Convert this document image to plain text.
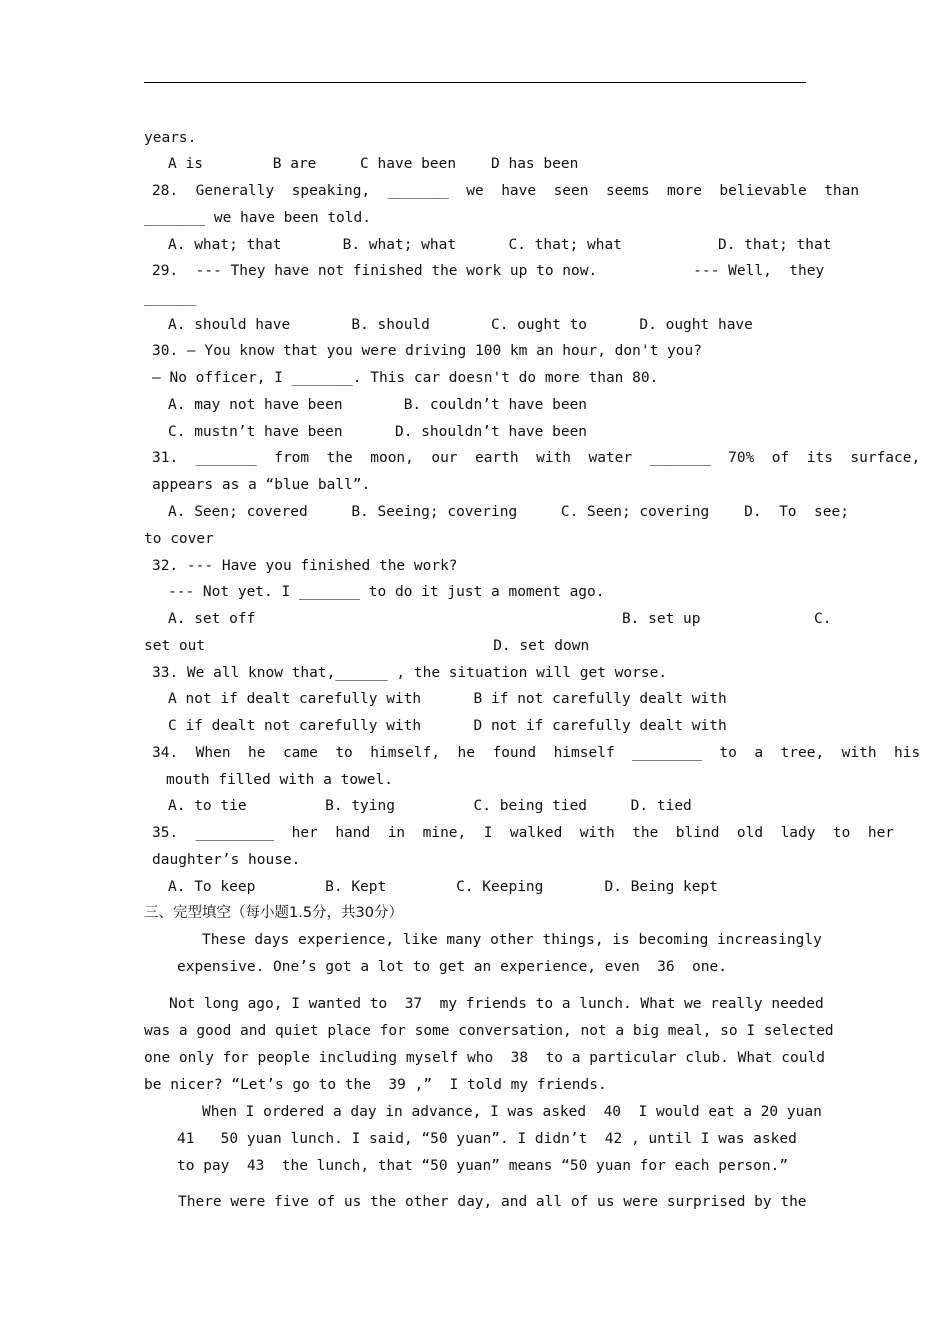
years.
A is        B are     C have been    D has been
28.  Generally  speaking,  _______  we  have  seen  seems  more  believable  than
_______ we have been told.
A. what; that       B. what; what      C. that; what           D. that; that
29.  --- They have not finished the work up to now.           --- Well,  they
______
A. should have       B. should       C. ought to      D. ought have
30. — You know that you were driving 100 km an hour, don't you?
— No officer, I _______. This car doesn't do more than 80.
A. may not have been       B. couldn’t have been
C. mustn’t have been      D. shouldn’t have been
31.  _______  from  the  moon,  our  earth  with  water  _______  70%  of  its  surface,
appears as a “blue ball”.
A. Seen; covered     B. Seeing; covering     C. Seen; covering    D.  To  see;
to cover
32. --- Have you finished the work?
--- Not yet. I _______ to do it just a moment ago.
A. set off                                          B. set up             C.
set out                                 D. set down
33. We all know that,______ , the situation will get worse.
A not if dealt carefully with      B if not carefully dealt with
C if dealt not carefully with      D not if carefully dealt with
34.  When  he  came  to  himself,  he  found  himself  ________  to  a  tree,  with  his
mouth filled with a towel.
A. to tie         B. tying         C. being tied     D. tied
35.  _________  her  hand  in  mine,  I  walked  with  the  blind  old  lady  to  her
daughter’s house.
A. To keep        B. Kept        C. Keeping       D. Being kept
三、完型填空（每小题1.5分，共30分）
These days experience, like many other things, is becoming increasingly
expensive. One’s got a lot to get an experience, even  36  one.
Not long ago, I wanted to  37  my friends to a lunch. What we really needed
was a good and quiet place for some conversation, not a big meal, so I selected
one only for people including myself who  38  to a particular club. What could
be nicer? “Let’s go to the  39 ,”  I told my friends.
When I ordered a day in advance, I was asked  40  I would eat a 20 yuan
41   50 yuan lunch. I said, “50 yuan”. I didn’t  42 , until I was asked
to pay  43  the lunch, that “50 yuan” means “50 yuan for each person.”
There were five of us the other day, and all of us were surprised by the
